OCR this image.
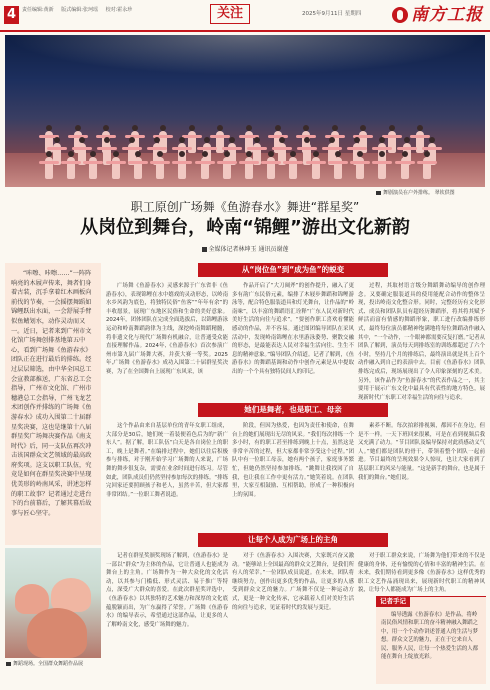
4	责任编辑:黄新 版式编辑:张珂瑶 校对:霍永珍	关注	2025年9月11日 星期四	南方工报
舞剧演员在户外排练。 翠钦供图
职工原创广场舞《鱼游春水》舞进“群星奖”
从岗位到舞台，岭南“锦鲤”游出文化新韵
全媒体记者林坤玉 通讯员谢莲
“咔嚓、咔嚓……”一阵阵响亮的木屐声传来，舞者们身着古装，沉手拿着红木画板向前伐的节奏，一会摇摆舞蹈如锦鲤跃出水面，一会舒展手臂似鱼鳍划水，动作灵动而又一。近日，记者来到广州市文化馆广场舞创排基地第五中心，看到广场舞《鱼游春水》团队正在进行最后的排练。经过层层筛选，由中华全国总工会宣教部推送，广东省总工会指导，广州市文化馆、广州市穗港总工会指导，广州飞龙艺术团创作并排练的广场舞《鱼游春水》成功入围第二十届群星奖决赛，这也是继第十八届群星奖广场舞决赛作品《南支时代》后，同一支队伍再次冲击该国群众文艺领域的最高政府奖项。这支以职工队伍，究竟是如何在群星奖决赛中呈现优美形的岭南风采，讲述怎样的职工故事？记者通过走进台下的台前幕后，了解其幕后故事与匠心坚守。
从“岗位鱼”到“成为鱼”的蜕变

广场舞《鱼游春水》灵感来源于广东省非《鱼游春水》，表现锦鲤在水中嬉戏的灵动形态，以岭南水乡风韵为底色，将独特民俗“鱼客”“年年有余”的丰收愿景，展现广东地区民俗和生命的美好意象。2024年，团体团队在完成全面选拔后，以锦鲤游泳运动和岭南舞蹈韵律为主线，深挖岭南舞蹈精髓，将非遗文化与现代广场舞有机融合，让普通受众能直接理解作品。2024年,《鱼游春水》首次参演广州市第九届广场舞大赛，并获大赛一等奖。2025年,广场舞《鱼游春水》成功入围第二十届群星奖决赛，为了在全国舞台上展现广东风采，该

作品开启了“大刀阔斧”的创作提升，融入了更多有韵广东民俗元素，编排了木屐步舞蹈和锦鲤游泳等，配合特色服装道具和灯光舞台，让作品的“岭南味”，以丰富的舞蹈语汇诠释“广东人民对新时代美好生活的向往与追求”。“要创作职工喜欢看懂能感动的作品，并不容易。通过图团编导团队在采风活动中，发现岭南锦鲤在水里游泳姿势、聚散交融的形态，是最能表达人民对幸福生活向往、生生不息的精神意象。”编导团队介绍道。记者了解到，《鱼游春水》的舞蹈基调和动作中创作元素是从中提取出的一个个具有独特民间人的印记。

过程，其取材语言级分舞蹈舞动编导的创作理念。又要确定服装道具的使用能配合动作的整体呈现，投出岭南文化整合形。同时，完整经历有文化形式、成员和团队队员有超经历舞蹈形，将其将其赋予鲜活而富有情感的舞蹈形象，职工进行改编排练形式，最终每位演员都精神饱满地将每位舞蹈动作融入其中，“一个动作，一个眼神都需要反复打磨。”记者从团队了解到，演员每天到排练室的训练都超过了六个小时，坚持几个月的排练后，最终演出就是其上百个动作融入到自己的表演中去。目前《鱼游春水》团队排练完成后，现场展现出了令人印象深刻的艺术美。另外，该作品作为“鱼游春水”的代表作品之一，其主要用于展示广东文化中最具有代表性的地方特色，展现新时代广东职工对幸福生活的向往与追求。

她们是舞者，也是职工、母亲

这个作品由来自基层单位的青年女职工组成，大部分是30后，她们统一着装便着色后为的“新广东人”。据了解，职工队伍“白天是各自岗位上的职工，晚上是舞者。”在编排过程中，她们以往后积极参与排练，对于刚开始学习广场舞的人来说，广场舞的舞步很复杂，需要在业余时间进行练习。尽管如此，团队成员们仍然坚持参加每次的排练。“排练完回家还要照顾孩子和老人，虽然辛苦，但大家都非常团结。”一位职工舞者说道。

阶段，但因为热爱，也因为责任和使命，在舞台上的她们展现出无尽的风采。“我们每次排练一个多小时，有的职工甚至排练到晚上十点，虽然这是非常辛苦的过程，但大家都非常享受这个过程。”团队中有一位职工母亲，她有两个孩子，家庭事务繁忙，但她仍然坚持参加排练。“跳舞让我找回了自我，也让我在工作中更有活力。”她笑着说。在团队里，大家互相鼓励、互相帮助，形成了一种积极向上的氛围。

素养不断。每次拍彩排视频，都因不在身边，但是不一样。一天下班回来很累，可是在看到视频后我又充满了动力。“节目团队及编导保持对此质感动义气人。”她们都是团队的骨干，带领着整个团队一起前进。节目最终的呈现效果令人惊叹，也让大家看到了基层职工的风采与能量。“这是新手的舞台，也是属于我们的舞台。”她们说。

让每个人成为广场上的主角

记者在群星奖颁奖现场了解到，《鱼游春水》是一部以“群众”为主体的作品，它让普通人也能成为舞台上的主角。广场舞作为一种大众化的文化活动，以其参与门槛低、形式灵活、易于推广等特点，深受广大群众的喜爱。在此次群星奖评选中，《鱼游春水》以其独特的艺术魅力和深厚的文化底蕴脱颖而出，为广东赢得了荣誉。广场舞《鱼游春水》的编导表示，希望通过这部作品，让更多的人了解岭南文化，感受广场舞的魅力。

对于《鱼游春水》入围决赛，大家既兴奋又激动。“能够站上全国最高的群众文艺舞台，是我们所有人的荣幸。”一位团队成员说道。在未来，团队将继续努力，创作出更多优秀的作品，让更多的人感受到群众文艺的魅力。广场舞不仅是一种运动方式，更是一种文化传承，它承载着人们对美好生活的向往与追求，见证着时代的发展与变迁。

对于职工群众来说，广场舞为他们带来的不仅是健康的身体，还有愉悦的心情和丰富的精神生活。在未来，我们期待看到更多像《鱼游春水》这样优秀的职工文艺作品涌现出来，展现新时代职工的精神风貌，让每个人都能成为广场上的主角。

舞蹈现场。全国群众舞蹈作品展
记者手记
编导透露《鱼游春水》是作品，将岭南民俗风情和职工的奋斗精神融入舞蹈之中，用一个个动作讲述普通人的生活与梦想。群众文艺的魅力，正在于它来自人民、服务人民，让每一个热爱生活的人都能在舞台上绽放光彩。
